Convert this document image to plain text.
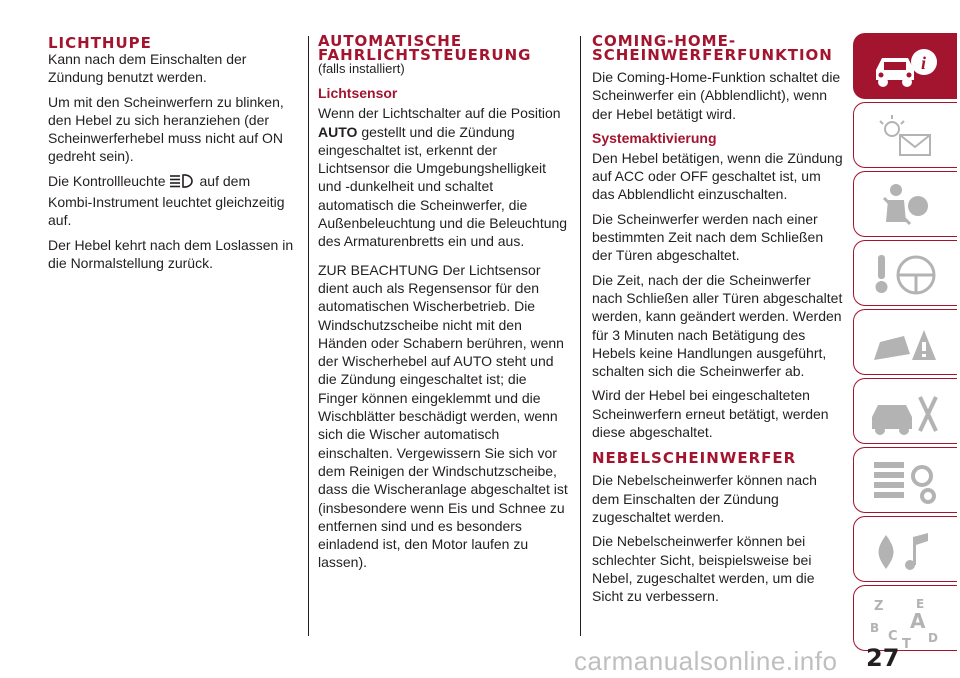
LICHTHUPE

Kann nach dem Einschalten der Zündung benutzt werden.

Um mit den Scheinwerfern zu blinken, den Hebel zu sich heranziehen (der Scheinwerferhebel muss nicht auf ON gedreht sein).

Die Kontrollleuchte auf dem Kombi-Instrument leuchtet gleichzeitig auf.

Der Hebel kehrt nach dem Loslassen in die Normalstellung zurück.

AUTOMATISCHE
FAHRLICHTSTEUERUNG

(falls installiert)

Lichtsensor

Wenn der Lichtschalter auf die Position AUTO gestellt und die Zündung eingeschaltet ist, erkennt der Lichtsensor die Umgebungshelligkeit und -dunkelheit und schaltet automatisch die Scheinwerfer, die Außenbeleuchtung und die Beleuchtung des Armaturenbretts ein und aus.

ZUR BEACHTUNG Der Lichtsensor dient auch als Regensensor für den automatischen Wischerbetrieb. Die Windschutzscheibe nicht mit den Händen oder Schabern berühren, wenn der Wischerhebel auf AUTO steht und die Zündung eingeschaltet ist; die Finger können eingeklemmt und die Wischblätter beschädigt werden, wenn sich die Wischer automatisch einschalten. Vergewissern Sie sich vor dem Reinigen der Windschutzscheibe, dass die Wischeranlage abgeschaltet ist (insbesondere wenn Eis und Schnee zu entfernen sind und es besonders einladend ist, den Motor laufen zu lassen).

COMING-HOME-
SCHEINWERFERFUNKTION

Die Coming-Home-Funktion schaltet die Scheinwerfer ein (Abblendlicht), wenn der Hebel betätigt wird.

Systemaktivierung

Den Hebel betätigen, wenn die Zündung auf ACC oder OFF geschaltet ist, um das Abblendlicht einzuschalten.

Die Scheinwerfer werden nach einer bestimmten Zeit nach dem Schließen der Türen abgeschaltet.

Die Zeit, nach der die Scheinwerfer nach Schließen aller Türen abgeschaltet werden, kann geändert werden. Werden für 3 Minuten nach Betätigung des Hebels keine Handlungen ausgeführt, schalten sich die Scheinwerfer ab.

Wird der Hebel bei eingeschalteten Scheinwerfern erneut betätigt, werden diese abgeschaltet.

NEBELSCHEINWERFER

Die Nebelscheinwerfer können nach dem Einschalten der Zündung zugeschaltet werden.

Die Nebelscheinwerfer können bei schlechter Sicht, beispielsweise bei Nebel, zugeschaltet werden, um die Sicht zu verbessern.

i
Z	E
B A
C
T D
carmanualsonline.info 27
